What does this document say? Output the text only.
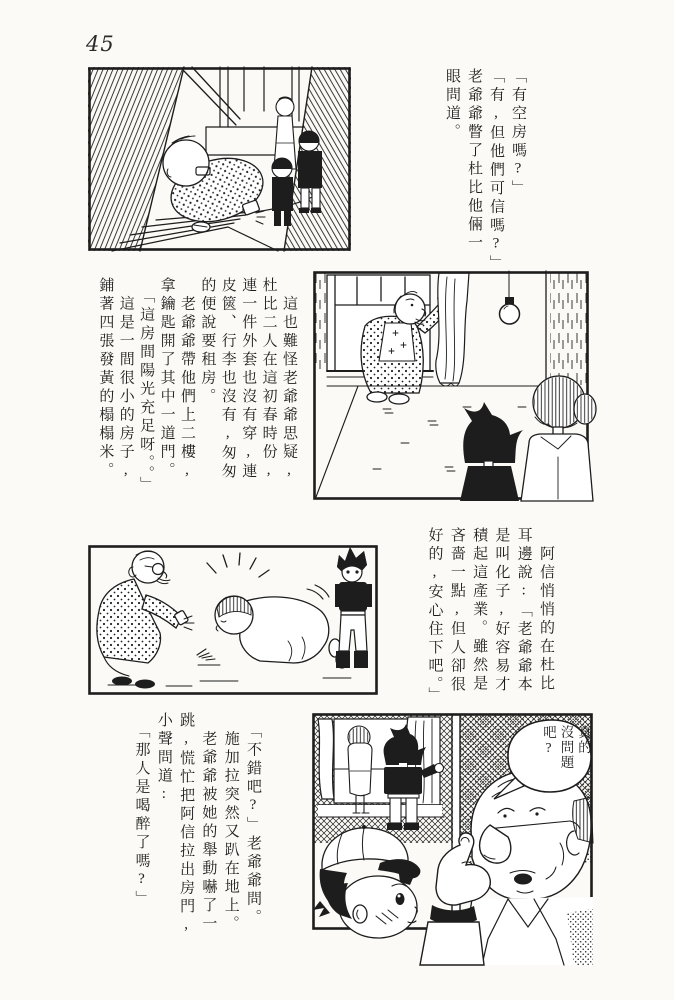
45
「有空房嗎?」
「有,但他們可信嗎?」
老爺爺瞥了杜比他倆一
眼問道。
　這也難怪老爺爺思疑,
杜比二人在這初春時份,
連一件外套也沒有穿,連
皮篋、行李也沒有,匆匆
的便說要租房。
　老爺爺帶他們上二樓,
拿鑰匙開了其中一道門。
　「這房間陽光充足呀。。」
　這是一間很小的房子,
鋪著四張發黃的榻榻米。
　阿信悄悄的在杜比
耳邊說:「老爺爺本
是叫化子,好容易才
積起這產業。雖然是
吝嗇一點,但人卻很
好的,安心住下吧。」
真的
沒問題
吧?
　「不錯吧?」老爺爺問。
　施加拉突然又趴在地上。
　老爺爺被她的舉動嚇了一
跳,慌忙把阿信拉出房門,
小聲問道:
　「那人是喝醉了嗎?」
